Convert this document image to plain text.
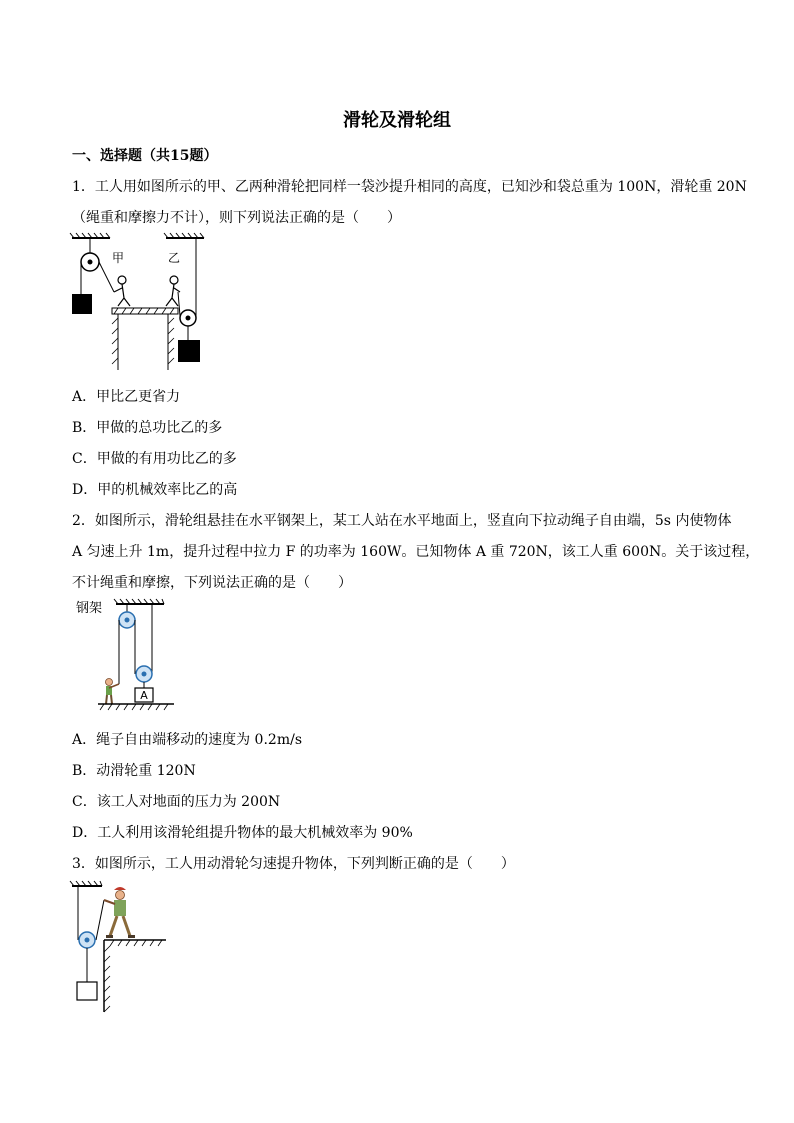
滑轮及滑轮组
一、选择题（共15题）
1．工人用如图所示的甲、乙两种滑轮把同样一袋沙提升相同的高度，已知沙和袋总重为 100N，滑轮重 20N
（绳重和摩擦力不计），则下列说法正确的是（　　）
甲	乙
A．甲比乙更省力
B．甲做的总功比乙的多
C．甲做的有用功比乙的多
D．甲的机械效率比乙的高
2．如图所示，滑轮组悬挂在水平钢架上，某工人站在水平地面上，竖直向下拉动绳子自由端，5s 内使物体
A 匀速上升 1m，提升过程中拉力 F 的功率为 160W。已知物体 A 重 720N，该工人重 600N。关于该过程，
不计绳重和摩擦，下列说法正确的是（　　）
钢架
A
A．绳子自由端移动的速度为 0.2m/s
B．动滑轮重 120N
C．该工人对地面的压力为 200N
D．工人利用该滑轮组提升物体的最大机械效率为 90%
3．如图所示，工人用动滑轮匀速提升物体，下列判断正确的是（　　）
